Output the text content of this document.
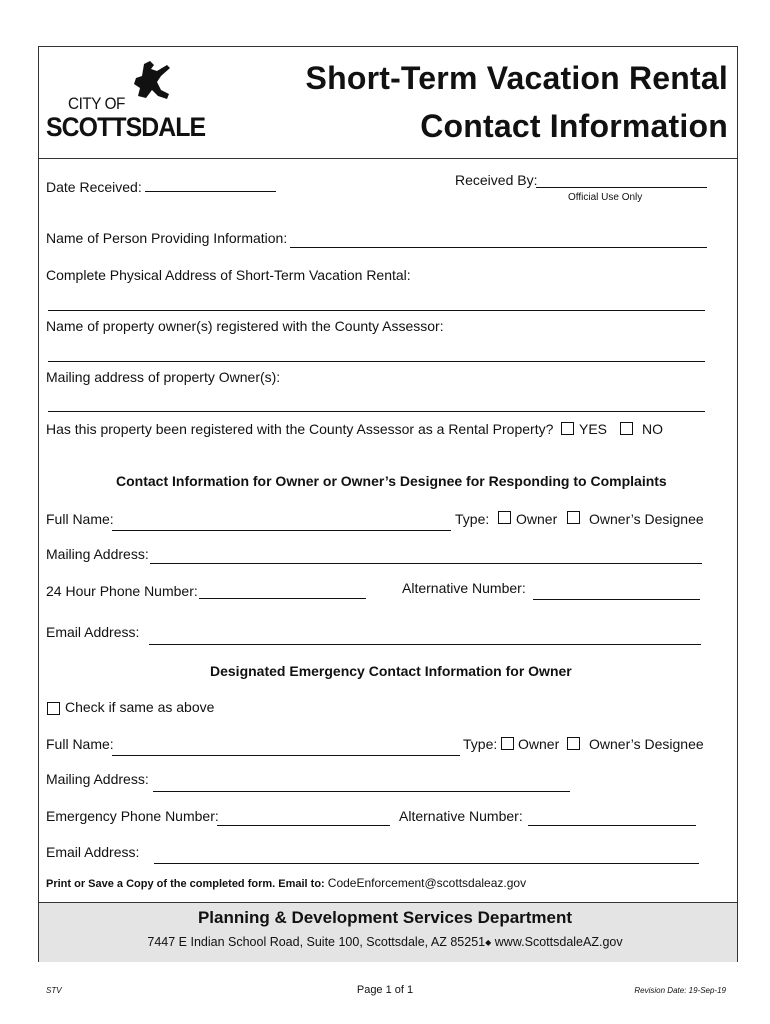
CITY OF
SCOTTSDALE
Short-Term Vacation Rental
Contact Information
Date Received:	Received By:
Official Use Only
Name of Person Providing Information:
Complete Physical Address of Short-Term Vacation Rental:
Name of property owner(s) registered with the County Assessor:
Mailing address of property Owner(s):
Has this property been registered with the County Assessor as a Rental Property? YES NO
Contact Information for Owner or Owner’s Designee for Responding to Complaints
Full Name:	Type: Owner Owner’s Designee
Mailing Address:
24 Hour Phone Number:	Alternative Number:
Email Address:
Designated Emergency Contact Information for Owner
Check if same as above
Full Name:	Type: Owner Owner’s Designee
Mailing Address:
Emergency Phone Number:	Alternative Number:
Email Address:
Print or Save a Copy of the completed form. Email to: CodeEnforcement@scottsdaleaz.gov
Planning & Development Services Department
7447 E Indian School Road, Suite 100, Scottsdale, AZ 85251◆ www.ScottsdaleAZ.gov
STV	Page 1 of 1	Revision Date: 19-Sep-19
